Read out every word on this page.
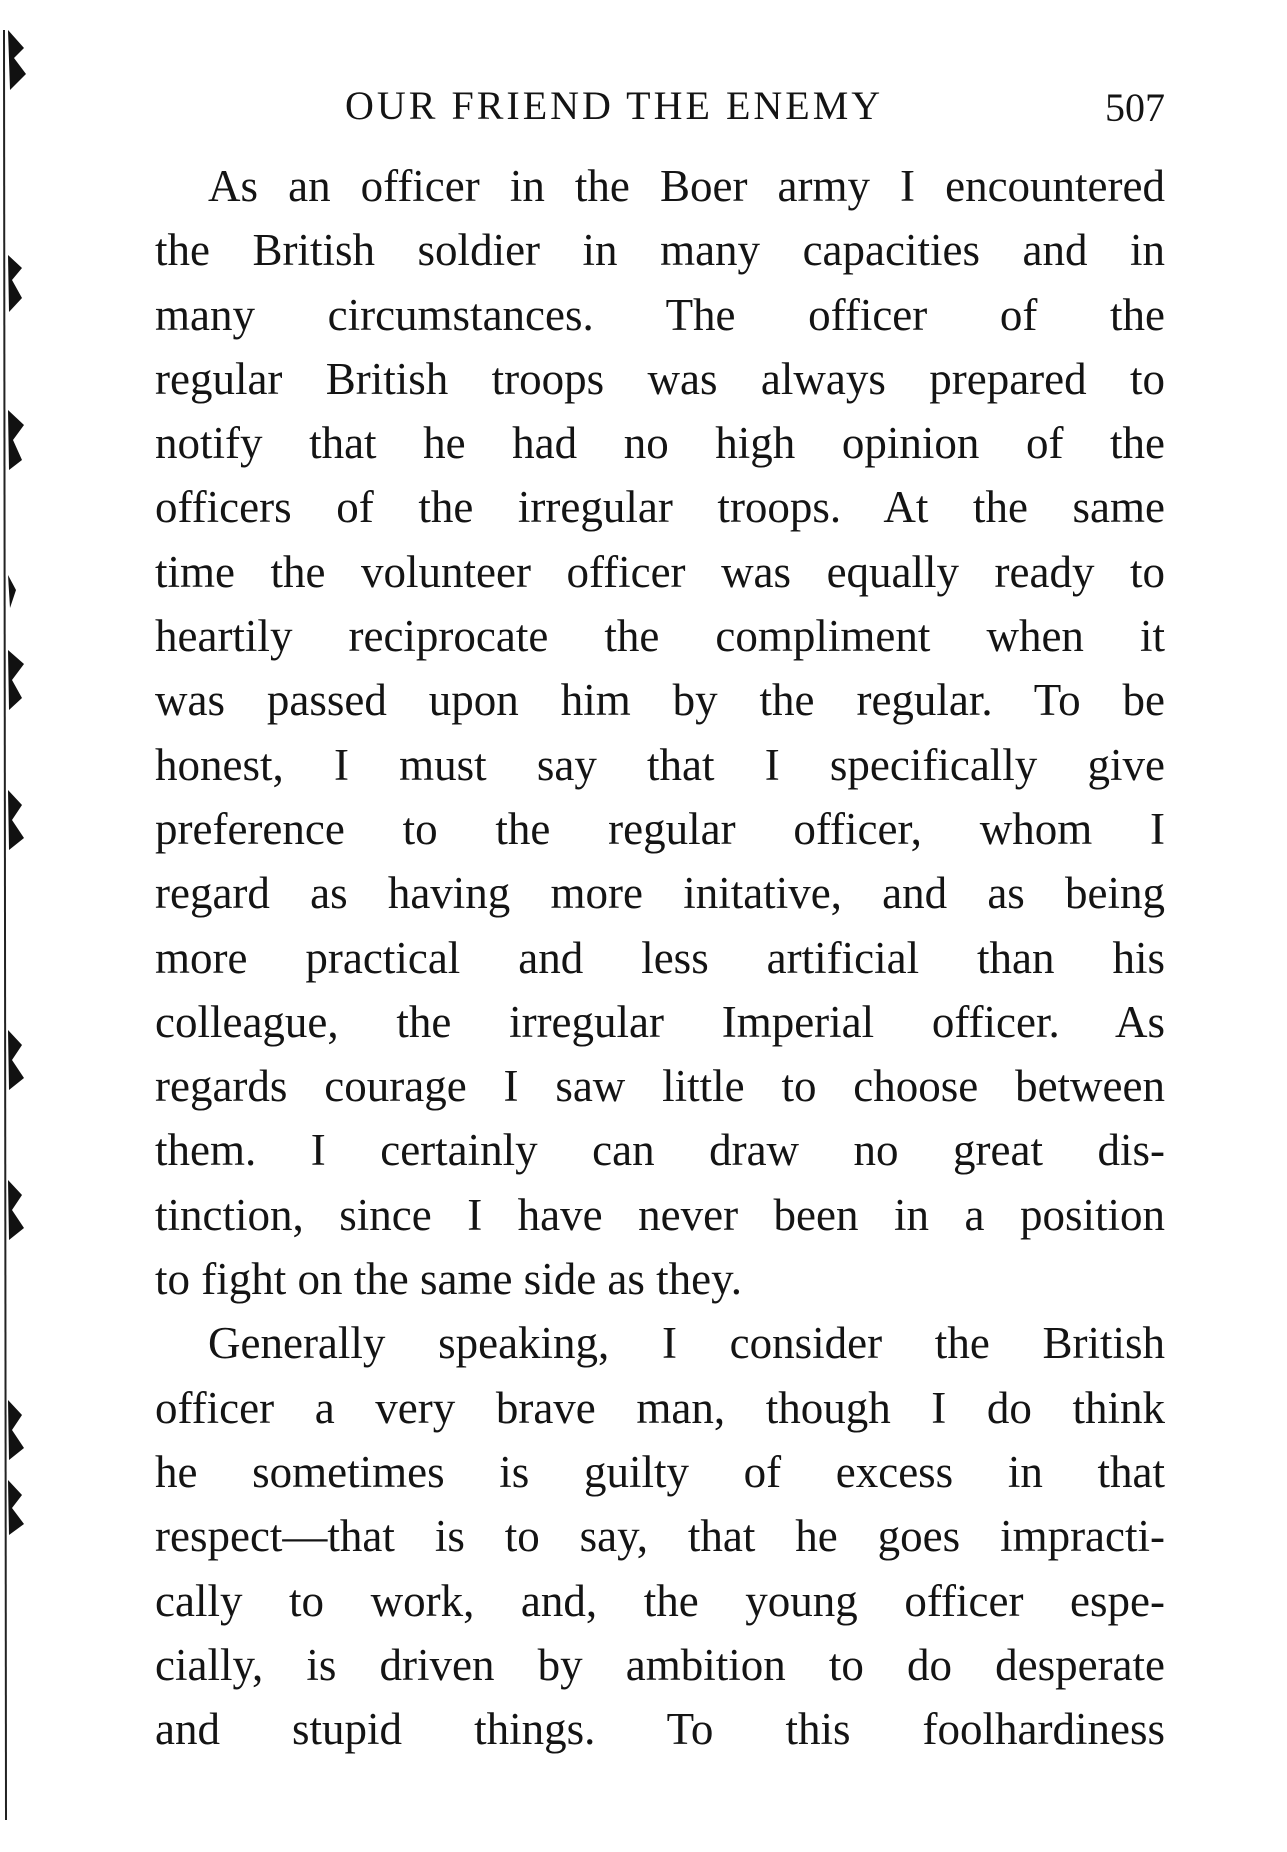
OUR FRIEND THE ENEMY	507
As an officer in the Boer army I encountered
the British soldier in many capacities and in
many circumstances. The officer of the
regular British troops was always prepared to
notify that he had no high opinion of the
officers of the irregular troops. At the same
time the volunteer officer was equally ready to
heartily reciprocate the compliment when it
was passed upon him by the regular. To be
honest, I must say that I specifically give
preference to the regular officer, whom I
regard as having more initative, and as being
more practical and less artificial than his
colleague, the irregular Imperial officer. As
regards courage I saw little to choose between
them. I certainly can draw no great dis-
tinction, since I have never been in a position
to fight on the same side as they.
Generally speaking, I consider the British
officer a very brave man, though I do think
he sometimes is guilty of excess in that
respect—that is to say, that he goes impracti-
cally to work, and, the young officer espe-
cially, is driven by ambition to do desperate
and stupid things. To this foolhardiness
